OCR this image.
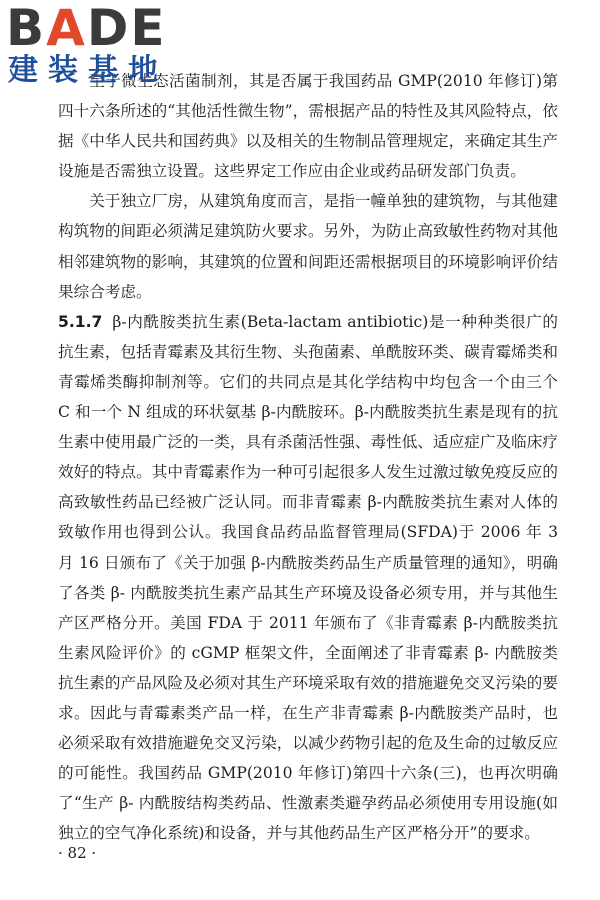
B A DE
建装基地

至于微生态活菌制剂，其是否属于我国药品 GMP(2010 年修订)第四十六条所述的“其他活性微生物”，需根据产品的特性及其风险特点，依据《中华人民共和国药典》以及相关的生物制品管理规定，来确定其生产设施是否需独立设置。这些界定工作应由企业或药品研发部门负责。

关于独立厂房，从建筑角度而言，是指一幢单独的建筑物，与其他建构筑物的间距必须满足建筑防火要求。另外，为防止高致敏性药物对其他相邻建筑物的影响，其建筑的位置和间距还需根据项目的环境影响评价结果综合考虑。

5.1.7 β-内酰胺类抗生素(Beta-lactam antibiotic)是一种种类很广的抗生素，包括青霉素及其衍生物、头孢菌素、单酰胺环类、碳青霉烯类和青霉烯类酶抑制剂等。它们的共同点是其化学结构中均包含一个由三个 C 和一个 N 组成的环状氨基 β-内酰胺环。β-内酰胺类抗生素是现有的抗生素中使用最广泛的一类，具有杀菌活性强、毒性低、适应症广及临床疗效好的特点。其中青霉素作为一种可引起很多人发生过激过敏免疫反应的高致敏性药品已经被广泛认同。而非青霉素 β-内酰胺类抗生素对人体的致敏作用也得到公认。我国食品药品监督管理局(SFDA)于 2006 年 3 月 16 日颁布了《关于加强 β-内酰胺类药品生产质量管理的通知》，明确了各类 β- 内酰胺类抗生素产品其生产环境及设备必须专用，并与其他生产区严格分开。美国 FDA 于 2011 年颁布了《非青霉素 β-内酰胺类抗生素风险评价》的 cGMP 框架文件，全面阐述了非青霉素 β- 内酰胺类抗生素的产品风险及必须对其生产环境采取有效的措施避免交叉污染的要求。因此与青霉素类产品一样，在生产非青霉素 β-内酰胺类产品时，也必须采取有效措施避免交叉污染，以减少药物引起的危及生命的过敏反应的可能性。我国药品 GMP(2010 年修订)第四十六条(三)，也再次明确了“生产 β- 内酰胺结构类药品、性激素类避孕药品必须使用专用设施(如独立的空气净化系统)和设备，并与其他药品生产区严格分开”的要求。

· 82 ·
